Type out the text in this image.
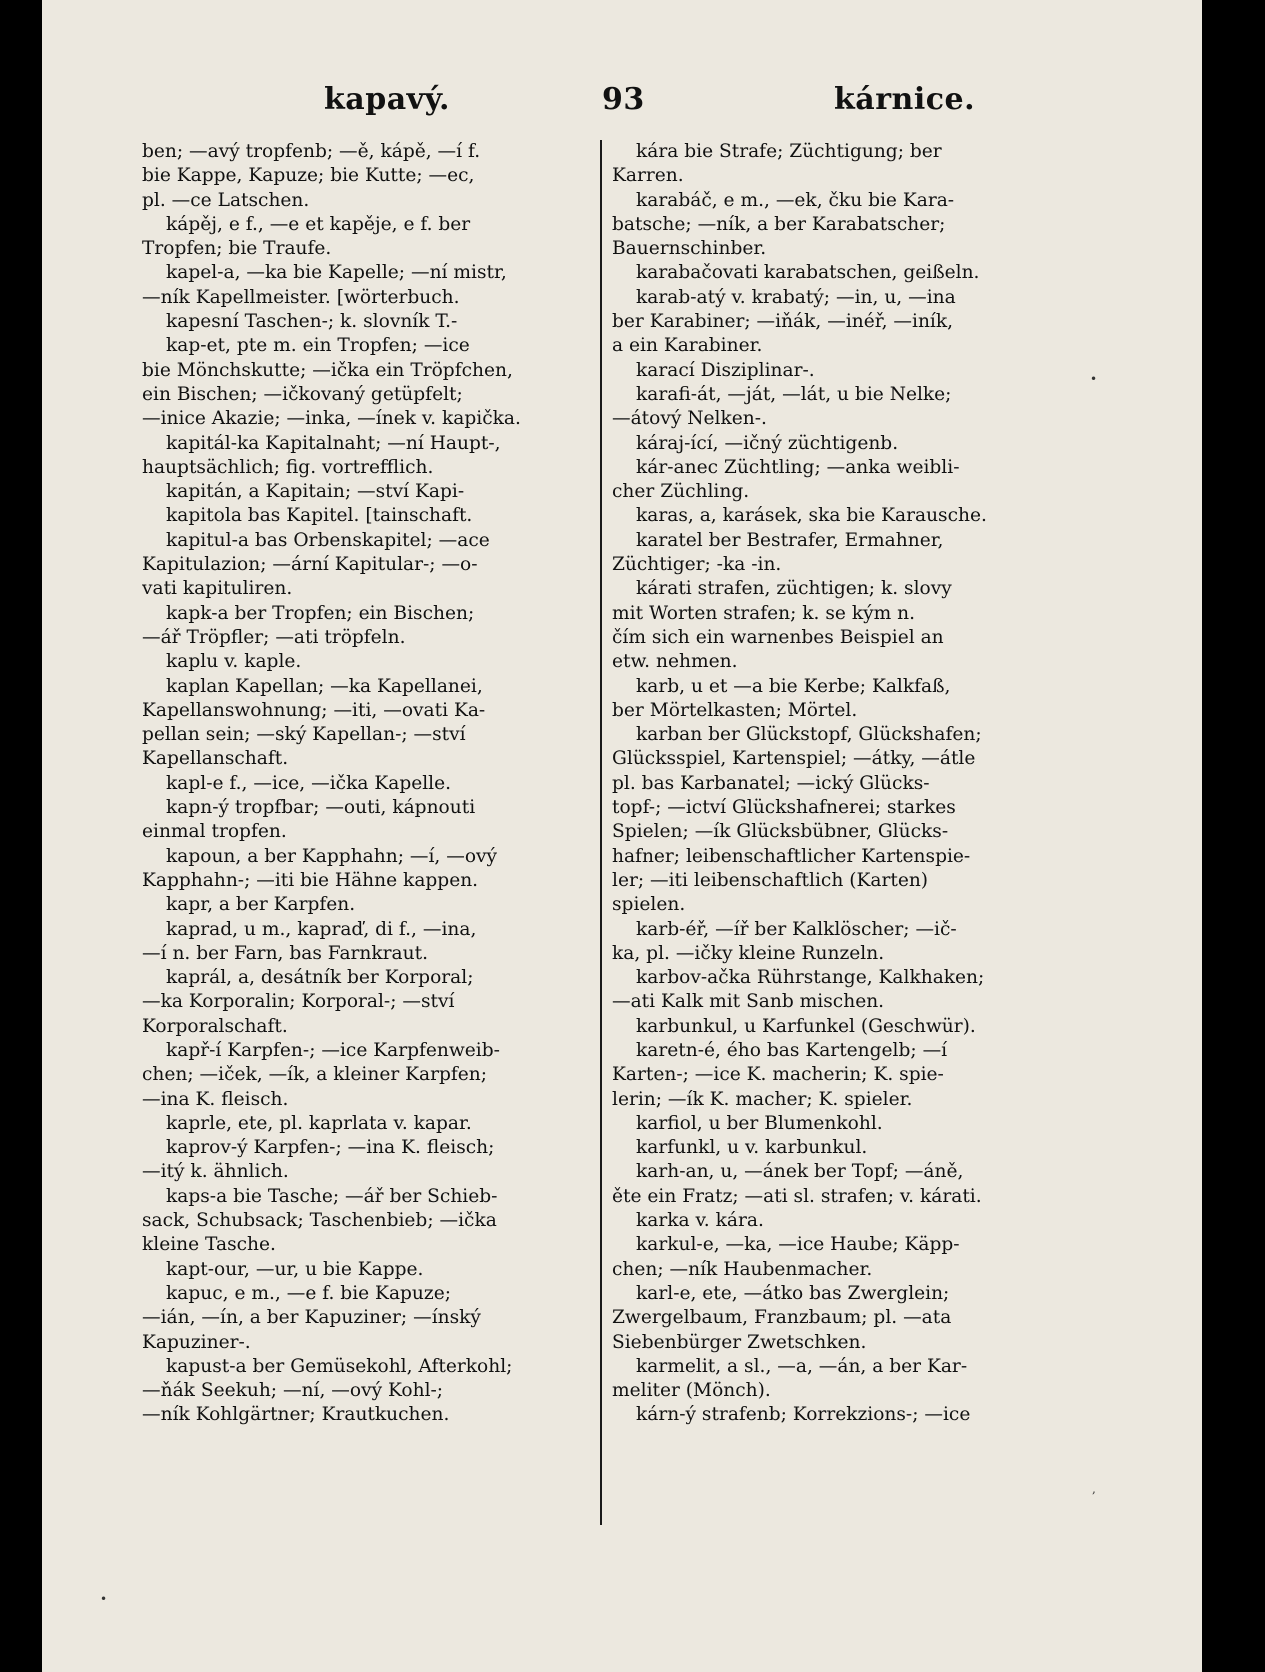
kapavý.	93	kárnice.
ben; —avý tropfenb; —ě, kápě, —í f.
bie Kappe, Kapuze; bie Kutte; —ec,
pl. —ce Latschen.
kápěj, e f., —e et kapěje, e f. ber
Tropfen; bie Traufe.
kapel-a, —ka bie Kapelle; —ní mistr,
—ník Kapellmeister. [wörterbuch.
kapesní Taschen-; k. slovník T.-
kap-et, pte m. ein Tropfen; —ice
bie Mönchskutte; —ička ein Tröpfchen,
ein Bischen; —ičkovaný getüpfelt;
—inice Akazie; —inka, —ínek v. kapička.
kapitál-ka Kapitalnaht; —ní Haupt-,
hauptsächlich; fig. vortrefflich.
kapitán, a Kapitain; —ství Kapi-
kapitola bas Kapitel. [tainschaft.
kapitul-a bas Orbenskapitel; —ace
Kapitulazion; —ární Kapitular-; —o-
vati kapituliren.
kapk-a ber Tropfen; ein Bischen;
—ář Tröpfler; —ati tröpfeln.
kaplu v. kaple.
kaplan Kapellan; —ka Kapellanei,
Kapellanswohnung; —iti, —ovati Ka-
pellan sein; —ský Kapellan-; —ství
Kapellanschaft.
kapl-e f., —ice, —ička Kapelle.
kapn-ý tropfbar; —outi, kápnouti
einmal tropfen.
kapoun, a ber Kapphahn; —í, —ový
Kapphahn-; —iti bie Hähne kappen.
kapr, a ber Karpfen.
kaprad, u m., kapraď, di f., —ina,
—í n. ber Farn, bas Farnkraut.
kaprál, a, desátník ber Korporal;
—ka Korporalin; Korporal-; —ství
Korporalschaft.
kapř-í Karpfen-; —ice Karpfenweib-
chen; —iček, —ík, a kleiner Karpfen;
—ina K. fleisch.
kaprle, ete, pl. kaprlata v. kapar.
kaprov-ý Karpfen-; —ina K. fleisch;
—itý k. ähnlich.
kaps-a bie Tasche; —ář ber Schieb-
sack, Schubsack; Taschenbieb; —ička
kleine Tasche.
kapt-our, —ur, u bie Kappe.
kapuc, e m., —e f. bie Kapuze;
—ián, —ín, a ber Kapuziner; —ínský
Kapuziner-.
kapust-a ber Gemüsekohl, Afterkohl;
—ňák Seekuh; —ní, —ový Kohl-;
—ník Kohlgärtner; Krautkuchen.
kára bie Strafe; Züchtigung; ber
Karren.
karabáč, e m., —ek, čku bie Kara-
batsche; —ník, a ber Karabatscher;
Bauernschinber.
karabačovati karabatschen, geißeln.
karab-atý v. krabatý; —in, u, —ina
ber Karabiner; —iňák, —inéř, —iník,
a ein Karabiner.
karací Disziplinar-.
karafi-át, —ját, —lát, u bie Nelke;
—átový Nelken-.
káraj-ící, —ičný züchtigenb.
kár-anec Züchtling; —anka weibli-
cher Züchling.
karas, a, karásek, ska bie Karausche.
karatel ber Bestrafer, Ermahner,
Züchtiger; -ka -in.
kárati strafen, züchtigen; k. slovy
mit Worten strafen; k. se kým n.
čím sich ein warnenbes Beispiel an
etw. nehmen.
karb, u et —a bie Kerbe; Kalkfaß,
ber Mörtelkasten; Mörtel.
karban ber Glückstopf, Glückshafen;
Glücksspiel, Kartenspiel; —átky, —átle
pl. bas Karbanatel; —ický Glücks-
topf-; —ictví Glückshafnerei; starkes
Spielen; —ík Glücksbübner, Glücks-
hafner; leibenschaftlicher Kartenspie-
ler; —iti leibenschaftlich (Karten)
spielen.
karb-éř, —íř ber Kalklöscher; —ič-
ka, pl. —ičky kleine Runzeln.
karbov-ačka Rührstange, Kalkhaken;
—ati Kalk mit Sanb mischen.
karbunkul, u Karfunkel (Geschwür).
karetn-é, ého bas Kartengelb; —í
Karten-; —ice K. macherin; K. spie-
lerin; —ík K. macher; K. spieler.
karfiol, u ber Blumenkohl.
karfunkl, u v. karbunkul.
karh-an, u, —ánek ber Topf; —áně,
ěte ein Fratz; —ati sl. strafen; v. kárati.
karka v. kára.
karkul-e, —ka, —ice Haube; Käpp-
chen; —ník Haubenmacher.
karl-e, ete, —átko bas Zwerglein;
Zwergelbaum, Franzbaum; pl. —ata
Siebenbürger Zwetschken.
karmelit, a sl., —a, —án, a ber Kar-
meliter (Mönch).
kárn-ý strafenb; Korrekzions-; —ice
•
,
•
